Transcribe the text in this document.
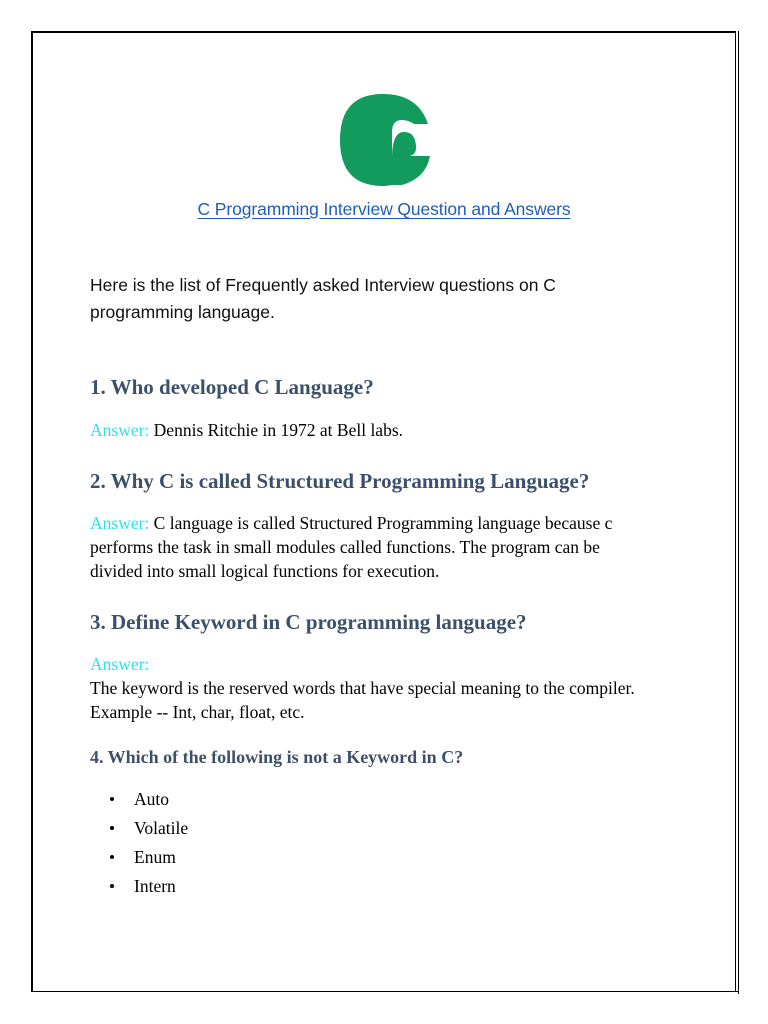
C Programming Interview Question and Answers
Here is the list of Frequently asked Interview questions on C programming language.
1. Who developed C Language?
Answer: Dennis Ritchie in 1972 at Bell labs.
2. Why C is called Structured Programming Language?
Answer: C language is called Structured Programming language because c performs the task in small modules called functions. The program can be divided into small logical functions for execution.
3. Define Keyword in C programming language?
Answer:
The keyword is the reserved words that have special meaning to the compiler.
Example -- Int, char, float, etc.
4. Which of the following is not a Keyword in C?
Auto
Volatile
Enum
Intern
